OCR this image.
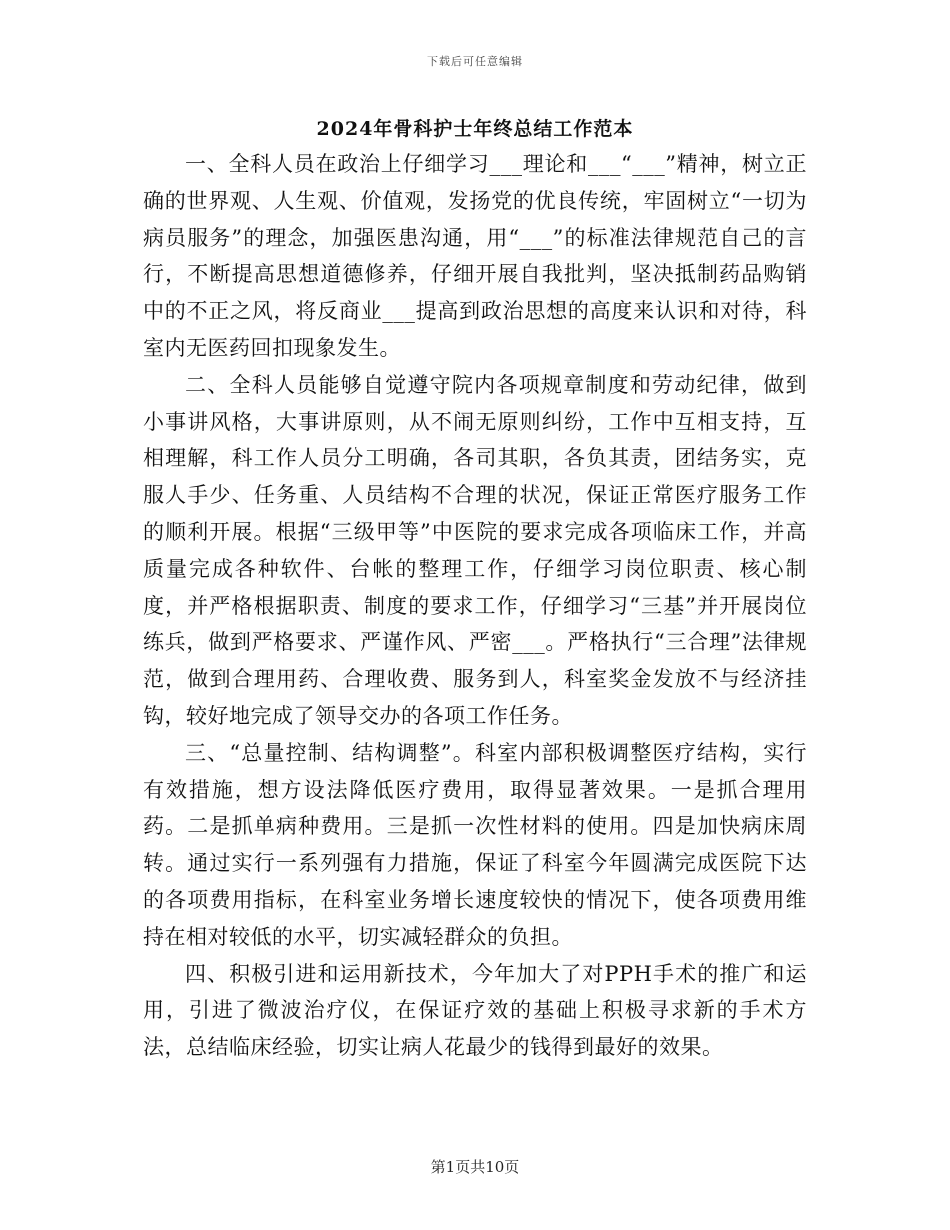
下载后可任意编辑
2024年骨科护士年终总结工作范本

一、全科人员在政治上仔细学习___理论和___“___”精神，树立正确的世界观、人生观、价值观，发扬党的优良传统，牢固树立“一切为病员服务”的理念，加强医患沟通，用“___”的标准法律规范自己的言行，不断提高思想道德修养，仔细开展自我批判，坚决抵制药品购销中的不正之风，将反商业___提高到政治思想的高度来认识和对待，科室内无医药回扣现象发生。

二、全科人员能够自觉遵守院内各项规章制度和劳动纪律，做到小事讲风格，大事讲原则，从不闹无原则纠纷，工作中互相支持，互相理解，科工作人员分工明确，各司其职，各负其责，团结务实，克服人手少、任务重、人员结构不合理的状况，保证正常医疗服务工作的顺利开展。根据“三级甲等”中医院的要求完成各项临床工作，并高质量完成各种软件、台帐的整理工作，仔细学习岗位职责、核心制度，并严格根据职责、制度的要求工作，仔细学习“三基”并开展岗位练兵，做到严格要求、严谨作风、严密___。严格执行“三合理”法律规范，做到合理用药、合理收费、服务到人，科室奖金发放不与经济挂钩，较好地完成了领导交办的各项工作任务。

三、“总量控制、结构调整”。科室内部积极调整医疗结构，实行有效措施，想方设法降低医疗费用，取得显著效果。一是抓合理用药。二是抓单病种费用。三是抓一次性材料的使用。四是加快病床周转。通过实行一系列强有力措施，保证了科室今年圆满完成医院下达的各项费用指标，在科室业务增长速度较快的情况下，使各项费用维持在相对较低的水平，切实减轻群众的负担。

四、积极引进和运用新技术，今年加大了对PPH手术的推广和运用，引进了微波治疗仪，在保证疗效的基础上积极寻求新的手术方法，总结临床经验，切实让病人花最少的钱得到最好的效果。

第1页共10页
